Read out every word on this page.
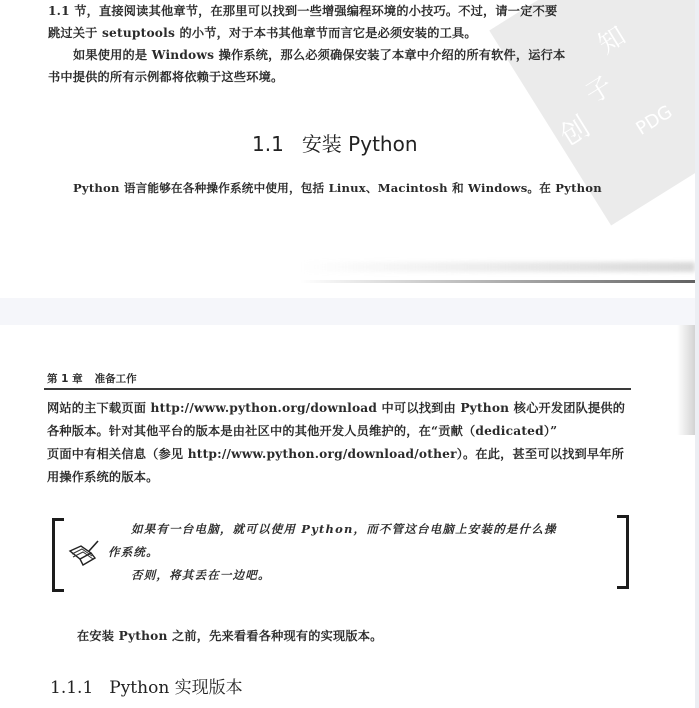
知
子
创 PDG
1.1 节，直接阅读其他章节，在那里可以找到一些增强编程环境的小技巧。不过，请一定不要
跳过关于 setuptools 的小节，对于本书其他章节而言它是必须安装的工具。
如果使用的是 Windows 操作系统，那么必须确保安装了本章中介绍的所有软件，运行本
书中提供的所有示例都将依赖于这些环境。
1.1 安装 Python
Python 语言能够在各种操作系统中使用，包括 Linux、Macintosh 和 Windows。在 Python
第 1 章 准备工作
网站的主下载页面 http://www.python.org/download 中可以找到由 Python 核心开发团队提供的
各种版本。针对其他平台的版本是由社区中的其他开发人员维护的，在“贡献（dedicated）”
页面中有相关信息（参见 http://www.python.org/download/other）。在此，甚至可以找到早年所
用操作系统的版本。
如果有一台电脑，就可以使用 Python，而不管这台电脑上安装的是什么操
作系统。
否则，将其丢在一边吧。
在安装 Python 之前，先来看看各种现有的实现版本。
1.1.1 Python 实现版本
